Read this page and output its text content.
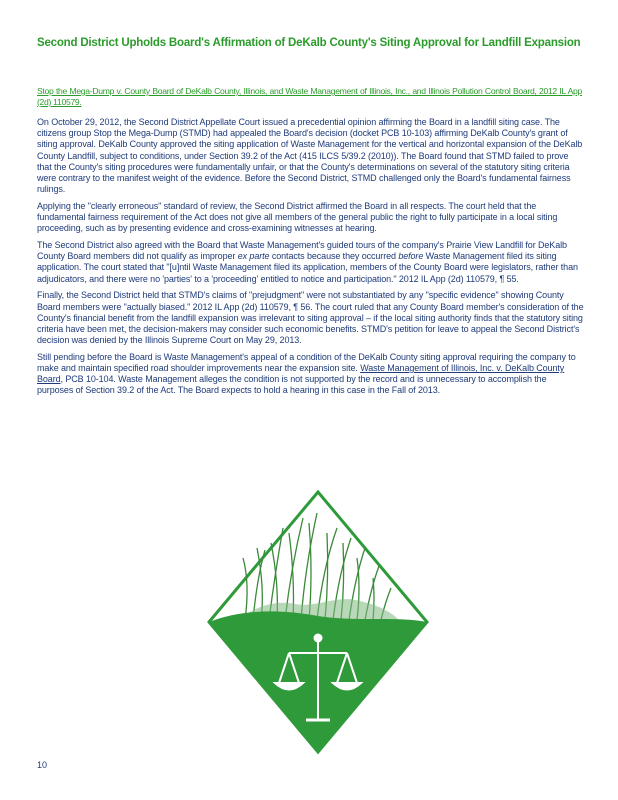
Second District Upholds Board's Affirmation of DeKalb County's Siting Approval for Landfill Expansion
Stop the Mega-Dump v. County Board of DeKalb County, Illinois, and Waste Management of Illinois, Inc., and Illinois Pollution Control Board, 2012 IL App (2d) 110579.

On October 29, 2012, the Second District Appellate Court issued a precedential opinion affirming the Board in a landfill siting case. The citizens group Stop the Mega-Dump (STMD) had appealed the Board's decision (docket PCB 10-103) affirming DeKalb County's grant of siting approval. DeKalb County approved the siting application of Waste Management for the vertical and horizontal expansion of the DeKalb County Landfill, subject to conditions, under Section 39.2 of the Act (415 ILCS 5/39.2 (2010)). The Board found that STMD failed to prove that the County's siting procedures were fundamentally unfair, or that the County's determinations on several of the statutory siting criteria were contrary to the manifest weight of the evidence. Before the Second District, STMD challenged only the Board's fundamental fairness rulings.

Applying the "clearly erroneous" standard of review, the Second District affirmed the Board in all respects. The court held that the fundamental fairness requirement of the Act does not give all members of the general public the right to fully participate in a local siting proceeding, such as by presenting evidence and cross-examining witnesses at hearing.

The Second District also agreed with the Board that Waste Management's guided tours of the company's Prairie View Landfill for DeKalb County Board members did not qualify as improper ex parte contacts because they occurred before Waste Management filed its siting application. The court stated that "[u]ntil Waste Management filed its application, members of the County Board were legislators, rather than adjudicators, and there were no 'parties' to a 'proceeding' entitled to notice and participation." 2012 IL App (2d) 110579, ¶ 55.

Finally, the Second District held that STMD's claims of "prejudgment" were not substantiated by any "specific evidence" showing County Board members were "actually biased." 2012 IL App (2d) 110579, ¶ 56. The court ruled that any County Board member's consideration of the County's financial benefit from the landfill expansion was irrelevant to siting approval – if the local siting authority finds that the statutory siting criteria have been met, the decision-makers may consider such economic benefits. STMD's petition for leave to appeal the Second District's decision was denied by the Illinois Supreme Court on May 29, 2013.

Still pending before the Board is Waste Management's appeal of a condition of the DeKalb County siting approval requiring the company to make and maintain specified road shoulder improvements near the expansion site. Waste Management of Illinois, Inc. v. DeKalb County Board, PCB 10-104. Waste Management alleges the condition is not supported by the record and is unnecessary to accomplish the purposes of Section 39.2 of the Act. The Board expects to hold a hearing in this case in the Fall of 2013.

10
